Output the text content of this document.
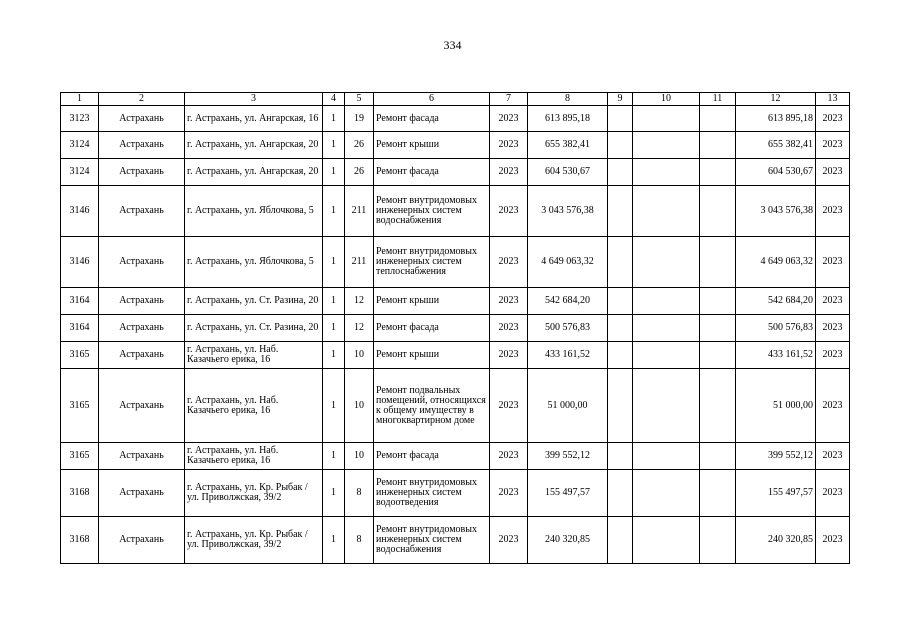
334
1	2	3	4	5	6	7	8	9	10	11	12	13
3123	Астрахань	г. Астрахань, ул. Ангарская, 16	1	19	Ремонт фасада	2023	613 895,18				613 895,18	2023
3124	Астрахань	г. Астрахань, ул. Ангарская, 20	1	26	Ремонт крыши	2023	655 382,41				655 382,41	2023
3124	Астрахань	г. Астрахань, ул. Ангарская, 20	1	26	Ремонт фасада	2023	604 530,67				604 530,67	2023
3146	Астрахань	г. Астрахань, ул. Яблочкова, 5	1	211	Ремонт внутридомовых инженерных систем водоснабжения	2023	3 043 576,38				3 043 576,38	2023
3146	Астрахань	г. Астрахань, ул. Яблочкова, 5	1	211	Ремонт внутридомовых инженерных систем теплоснабжения	2023	4 649 063,32				4 649 063,32	2023
3164	Астрахань	г. Астрахань, ул. Ст. Разина, 20	1	12	Ремонт крыши	2023	542 684,20				542 684,20	2023
3164	Астрахань	г. Астрахань, ул. Ст. Разина, 20	1	12	Ремонт фасада	2023	500 576,83				500 576,83	2023
3165	Астрахань	г. Астрахань, ул. Наб. Казачьего ерика, 16	1	10	Ремонт крыши	2023	433 161,52				433 161,52	2023
3165	Астрахань	г. Астрахань, ул. Наб. Казачьего ерика, 16	1	10	Ремонт подвальных помещений, относящихся к общему имуществу в многоквартирном доме	2023	51 000,00				51 000,00	2023
3165	Астрахань	г. Астрахань, ул. Наб. Казачьего ерика, 16	1	10	Ремонт фасада	2023	399 552,12				399 552,12	2023
3168	Астрахань	г. Астрахань, ул. Кр. Рыбак / ул. Приволжская, 39/2	1	8	Ремонт внутридомовых инженерных систем водоотведения	2023	155 497,57				155 497,57	2023
3168	Астрахань	г. Астрахань, ул. Кр. Рыбак / ул. Приволжская, 39/2	1	8	Ремонт внутридомовых инженерных систем водоснабжения	2023	240 320,85				240 320,85	2023
